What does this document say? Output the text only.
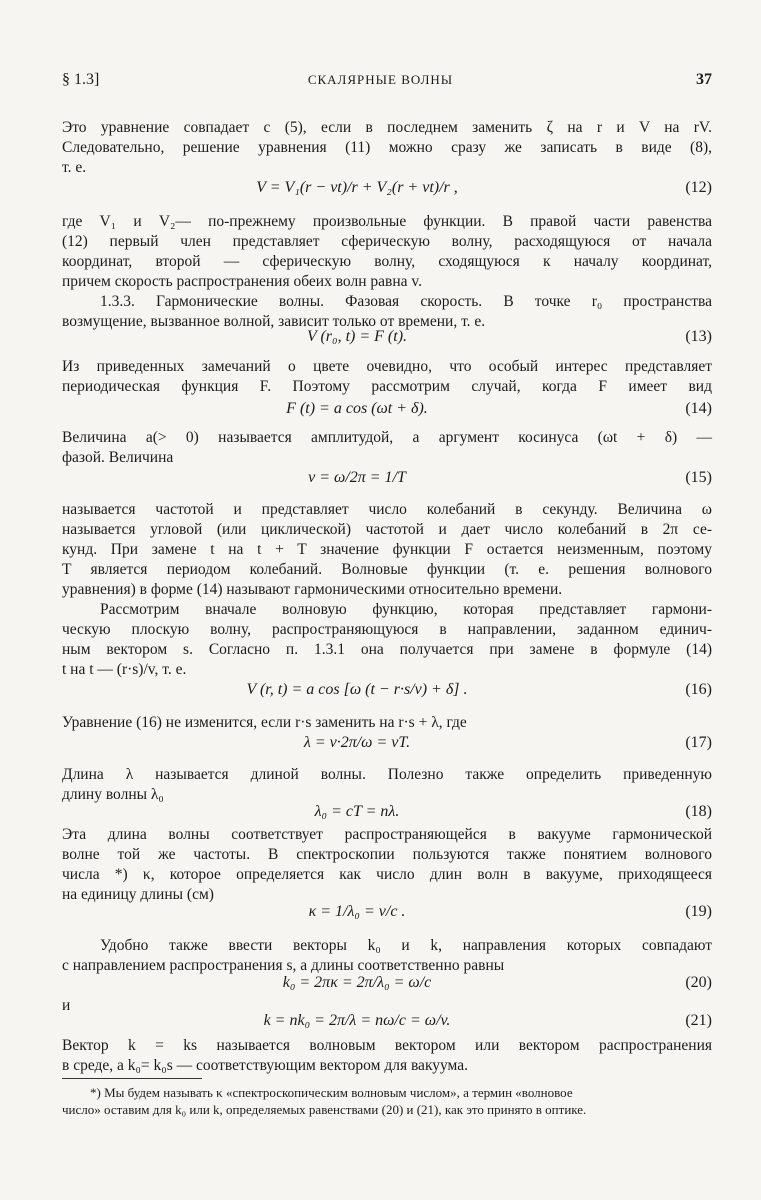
§ 1.3]	СКАЛЯРНЫЕ ВОЛНЫ	37

Это уравнение совпадает с (5), если в последнем заменить ζ на r и V на rV.

Следовательно, решение уравнения (11) можно сразу же записать в виде (8),

т. е.

V = V₁(r − vt)/r + V₂(r + vt)/r ,	(12)

где V₁ и V₂— по-прежнему произвольные функции. В правой части равенства

(12) первый член представляет сферическую волну, расходящуюся от начала

координат, второй — сферическую волну, сходящуюся к началу координат,

причем скорость распространения обеих волн равна v.

1.3.3. Гармонические волны. Фазовая скорость. В точке r₀ пространства

возмущение, вызванное волной, зависит только от времени, т. е.

V (r₀, t) = F (t).	(13)

Из приведенных замечаний о цвете очевидно, что особый интерес представляет

периодическая функция F. Поэтому рассмотрим случай, когда F имеет вид

F (t) = a cos (ωt + δ).	(14)

Величина a(> 0) называется амплитудой, а аргумент косинуса (ωt + δ) —

фазой. Величина

ν = ω/2π = 1/T	(15)

называется частотой и представляет число колебаний в секунду. Величина ω

называется угловой (или циклической) частотой и дает число колебаний в 2π се-

кунд. При замене t на t + T значение функции F остается неизменным, поэтому

T является периодом колебаний. Волновые функции (т. е. решения волнового

уравнения) в форме (14) называют гармоническими относительно времени.

Рассмотрим вначале волновую функцию, которая представляет гармони-

ческую плоскую волну, распространяющуюся в направлении, заданном единич-

ным вектором s. Согласно п. 1.3.1 она получается при замене в формуле (14)

t на t — (r·s)/v, т. е.

V (r, t) = a cos [ω (t − r·s/v) + δ] .	(16)

Уравнение (16) не изменится, если r·s заменить на r·s + λ, где

λ = v·2π/ω = vT.	(17)

Длина λ называется длиной волны. Полезно также определить приведенную

длину волны λ₀

λ₀ = cT = nλ.	(18)

Эта длина волны соответствует распространяющейся в вакууме гармонической

волне той же частоты. В спектроскопии пользуются также понятием волнового

числа *) κ, которое определяется как число длин волн в вакууме, приходящееся

на единицу длины (см)

κ = 1/λ₀ = ν/c .	(19)

Удобно также ввести векторы k₀ и k, направления которых совпадают

с направлением распространения s, а длины соответственно равны

k₀ = 2πκ = 2π/λ₀ = ω/c	(20)

и

k = nk₀ = 2π/λ = nω/c = ω/v.	(21)

Вектор k = ks называется волновым вектором или вектором распространения

в среде, а k₀= k₀s — соответствующим вектором для вакуума.

*) Мы будем называть κ «спектроскопическим волновым числом», а термин «волновое
число» оставим для k₀ или k, определяемых равенствами (20) и (21), как это принято в оптике.
